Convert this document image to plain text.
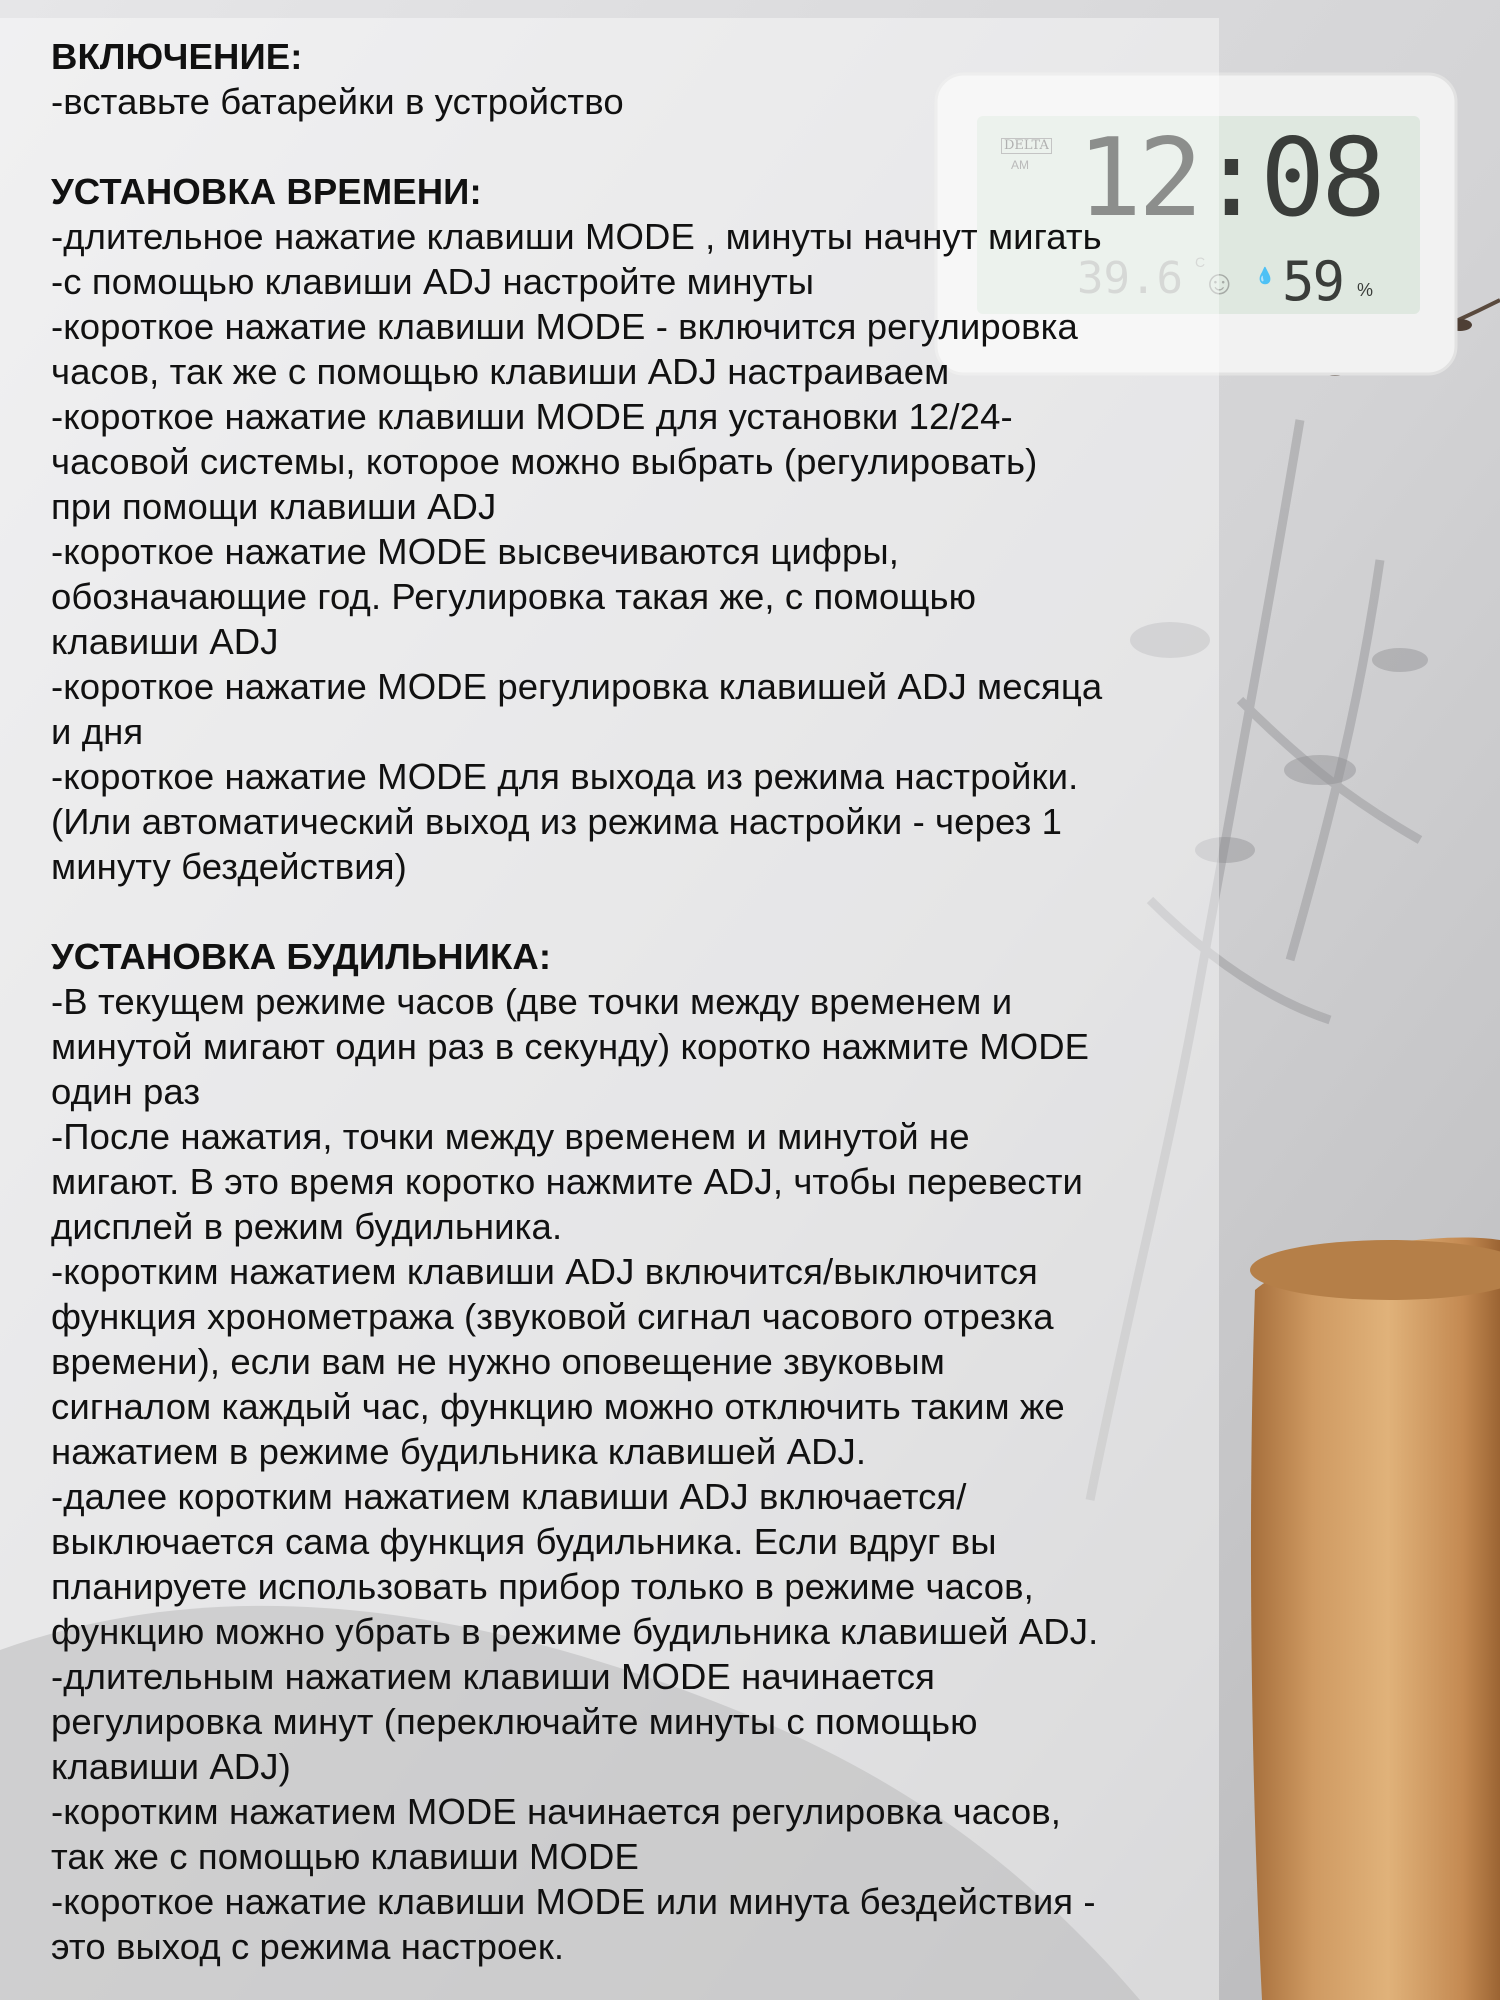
DELTA
AM 12:08
39.6 C
☺ 💧 59 %

ВКЛЮЧЕНИЕ:

-вставьте батарейки в устройство

УСТАНОВКА ВРЕМЕНИ:

-длительное нажатие клавиши MODE , минуты начнут мигать

-с помощью клавиши ADJ настройте минуты

-короткое нажатие клавиши MODE - включится регулировка

часов, так же с помощью клавиши ADJ настраиваем

-короткое нажатие клавиши MODE для установки 12/24-

часовой системы, которое можно выбрать (регулировать)

при помощи клавиши ADJ

-короткое нажатие MODE высвечиваются цифры,

обозначающие год. Регулировка такая же, с помощью

клавиши ADJ

-короткое нажатие MODE регулировка клавишей ADJ месяца

и дня

-короткое нажатие MODE для выхода из режима настройки.

(Или автоматический выход из режима настройки - через 1

минуту бездействия)

УСТАНОВКА БУДИЛЬНИКА:

-В текущем режиме часов (две точки между временем и

минутой мигают один раз в секунду) коротко нажмите MODE

один раз

-После нажатия, точки между временем и минутой не

мигают. В это время коротко нажмите ADJ, чтобы перевести

дисплей в режим будильника.

-коротким нажатием клавиши ADJ включится/выключится

функция хронометража (звуковой сигнал часового отрезка

времени), если вам не нужно оповещение звуковым

сигналом каждый час, функцию можно отключить таким же

нажатием в режиме будильника клавишей ADJ.

-далее коротким нажатием клавиши ADJ включается/

выключается сама функция будильника. Если вдруг вы

планируете использовать прибор только в режиме часов,

функцию можно убрать в режиме будильника клавишей ADJ.

-длительным нажатием клавиши MODE начинается

регулировка минут (переключайте минуты с помощью

клавиши ADJ)

-коротким нажатием MODE начинается регулировка часов,

так же с помощью клавиши MODE

-короткое нажатие клавиши MODE или минута бездействия -

это выход с режима настроек.
